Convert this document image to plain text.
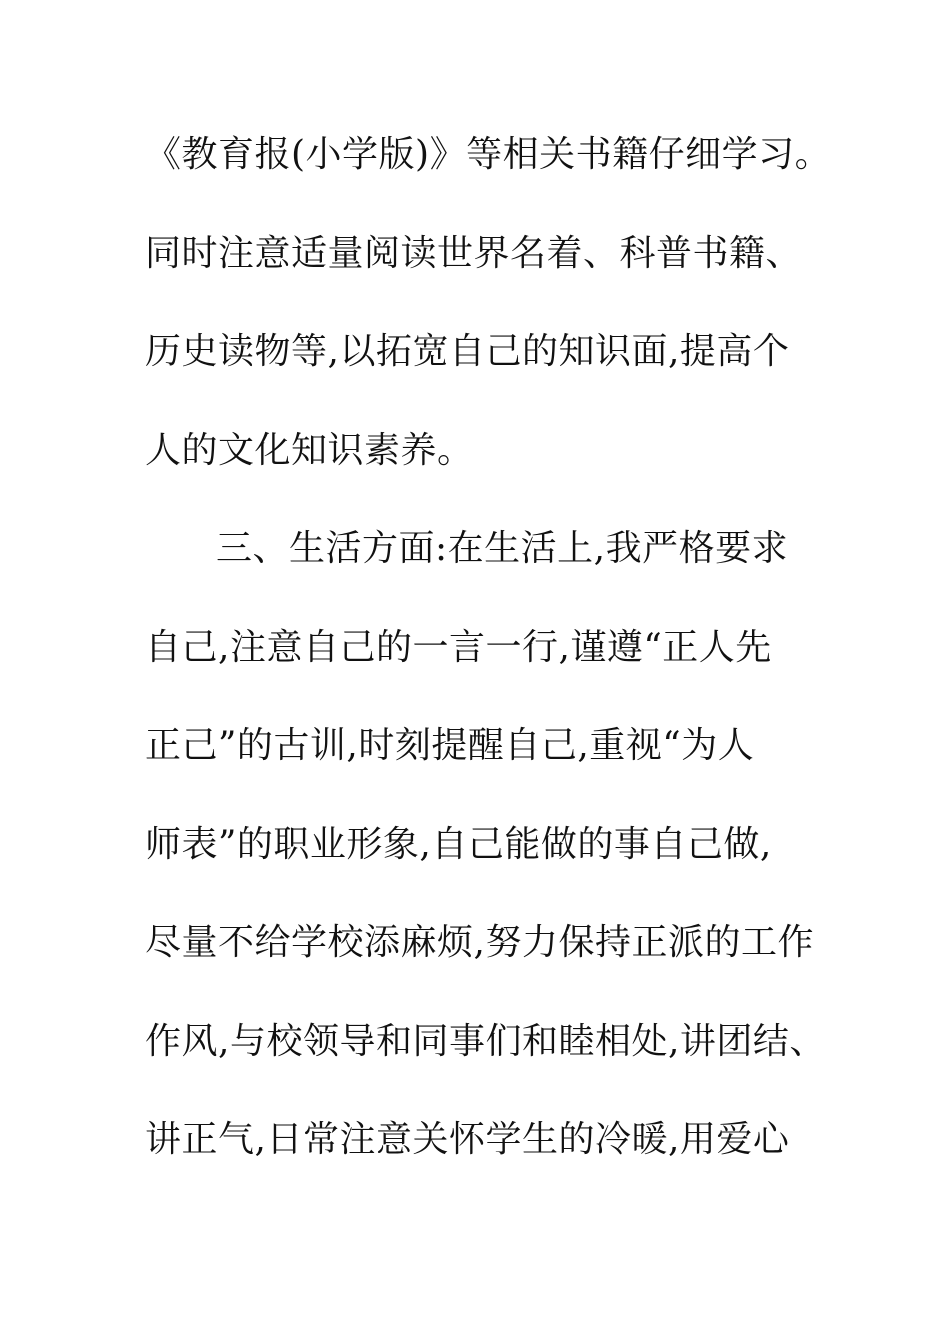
《教育报(小学版)》等相关书籍仔细学习。
同时注意适量阅读世界名着、科普书籍、
历史读物等,以拓宽自己的知识面,提高个
人的文化知识素养。
三、生活方面:在生活上,我严格要求
自己,注意自己的一言一行,谨遵“正人先
正己”的古训,时刻提醒自己,重视“为人
师表”的职业形象,自己能做的事自己做,
尽量不给学校添麻烦,努力保持正派的工作
作风,与校领导和同事们和睦相处,讲团结、
讲正气,日常注意关怀学生的冷暖,用爱心
